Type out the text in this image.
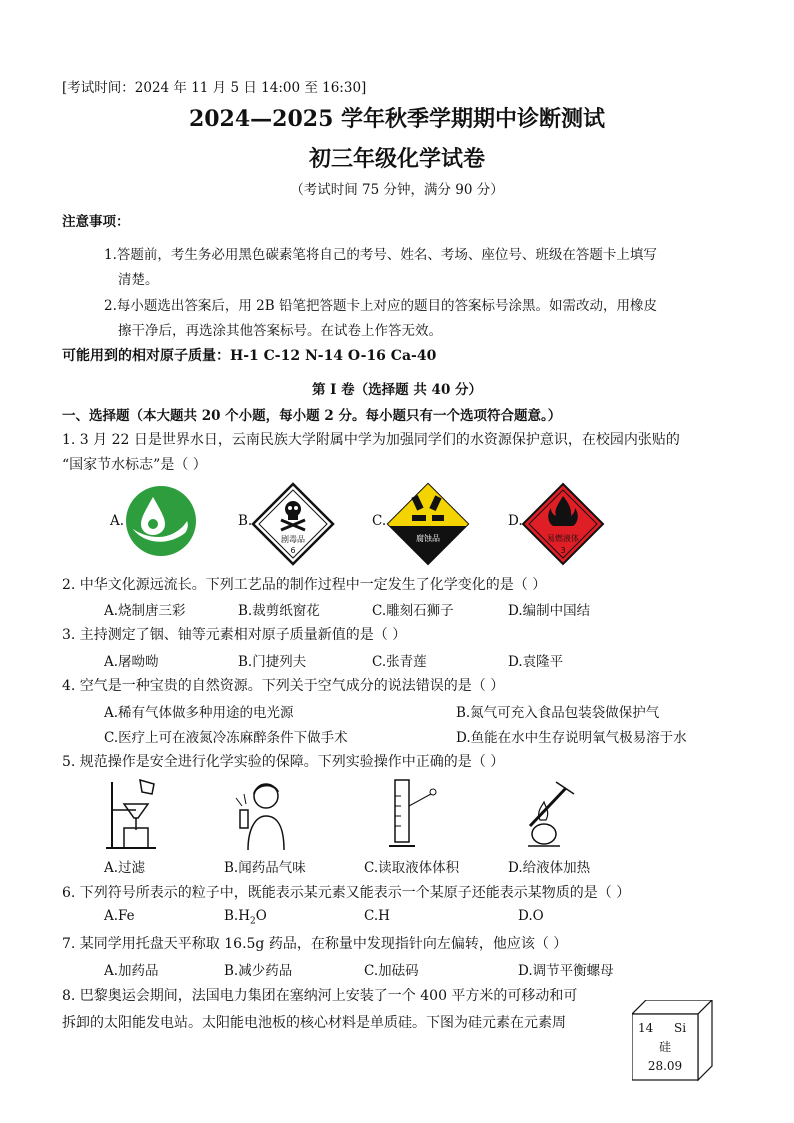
[考试时间：2024 年 11 月 5 日 14:00 至 16:30]
2024—2025 学年秋季学期期中诊断测试
初三年级化学试卷
（考试时间 75 分钟，满分 90 分）
注意事项：
1.答题前，考生务必用黑色碳素笔将自己的考号、姓名、考场、座位号、班级在答题卡上填写
清楚。
2.每小题选出答案后，用 2B 铅笔把答题卡上对应的题目的答案标号涂黑。如需改动，用橡皮
擦干净后，再选涂其他答案标号。在试卷上作答无效。
可能用到的相对原子质量：H-1 C-12 N-14 O-16 Ca-40
第 I 卷（选择题 共 40 分）
一、选择题（本大题共 20 个小题，每小题 2 分。每小题只有一个选项符合题意。）
1. 3 月 22 日是世界水日，云南民族大学附属中学为加强同学们的水资源保护意识，在校园内张贴的
“国家节水标志”是（ ）
A.	B.
剧毒品
6
C.
腐蚀品
D.
易燃液体
3
2. 中华文化源远流长。下列工艺品的制作过程中一定发生了化学变化的是（ ）
A.烧制唐三彩	B.裁剪纸窗花	C.雕刻石狮子	D.编制中国结
3. 主持测定了铟、铀等元素相对原子质量新值的是（ ）
A.屠呦呦	B.门捷列夫	C.张青莲	D.袁隆平
4. 空气是一种宝贵的自然资源。下列关于空气成分的说法错误的是（ ）
A.稀有气体做多种用途的电光源	B.氮气可充入食品包装袋做保护气
C.医疗上可在液氮冷冻麻醉条件下做手术	D.鱼能在水中生存说明氧气极易溶于水
5. 规范操作是安全进行化学实验的保障。下列实验操作中正确的是（ ）
A.过滤	B.闻药品气味	C.读取液体体积	D.给液体加热
6. 下列符号所表示的粒子中，既能表示某元素又能表示一个某原子还能表示某物质的是（ ）
A.Fe	$B.H_2O$	C.H	D.O
7. 某同学用托盘天平称取 16.5g 药品，在称量中发现指针向左偏转，他应该（ ）
A.加药品	B.减少药品	C.加砝码	D.调节平衡螺母
8. 巴黎奥运会期间，法国电力集团在塞纳河上安装了一个 400 平方米的可移动和可
拆卸的太阳能发电站。太阳能电池板的核心材料是单质硅。下图为硅元素在元素周	14 Si
硅
28.09
